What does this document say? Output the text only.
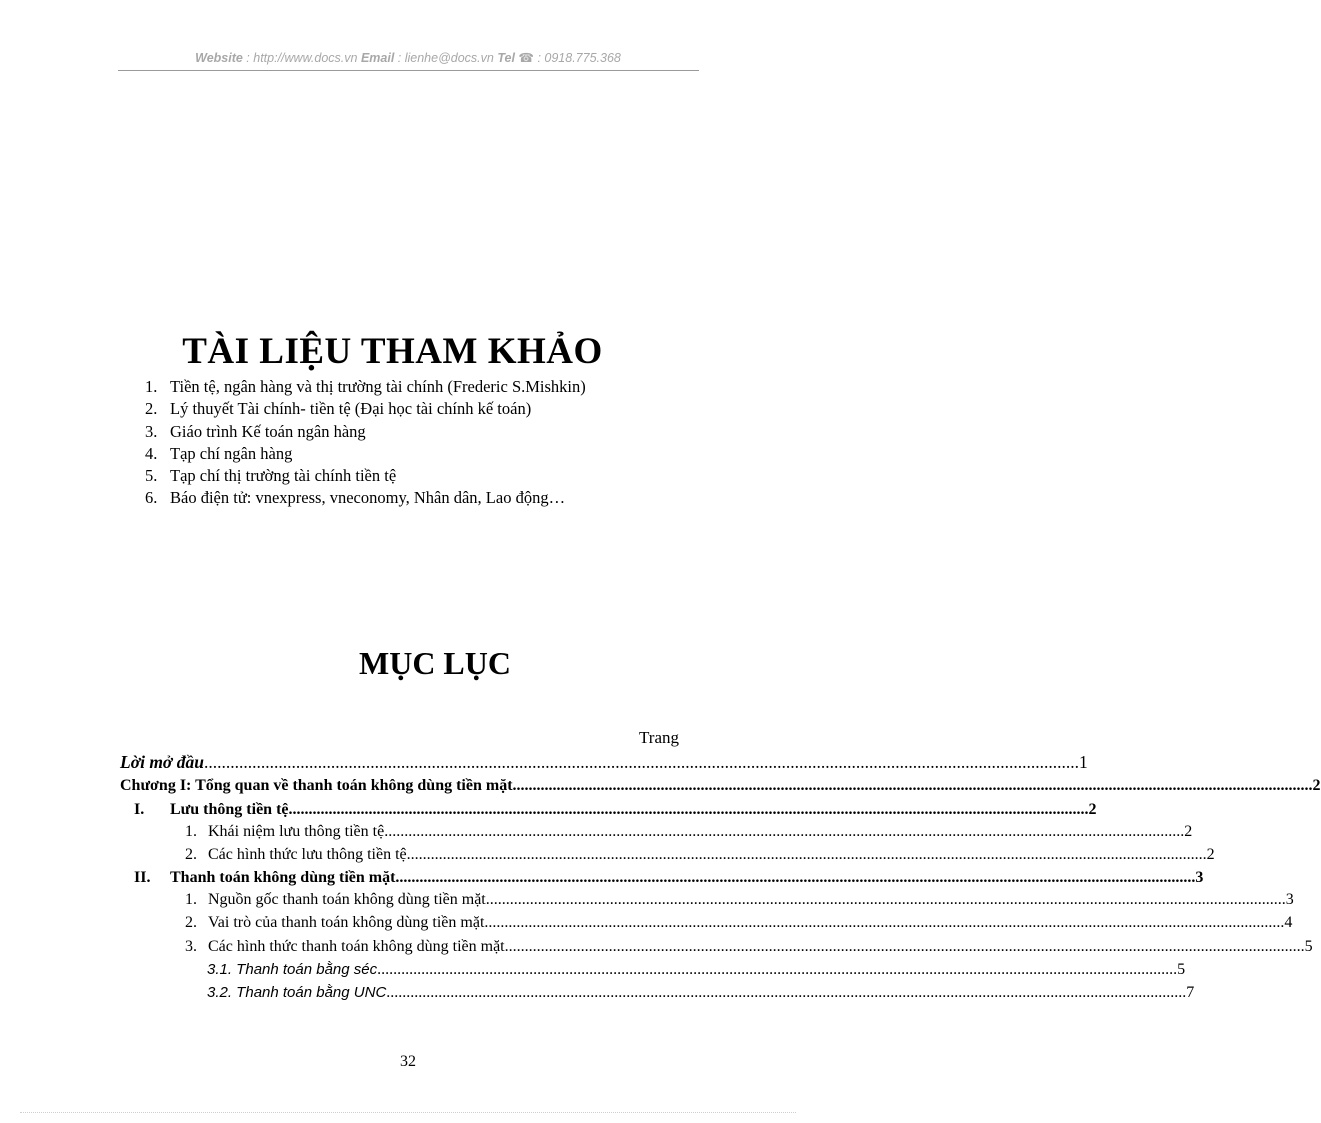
Website : http://www.docs.vn Email : lienhe@docs.vn Tel ☎ : 0918.775.368
TÀI LIỆU THAM KHẢO
1. Tiền tệ, ngân hàng và thị trường tài chính (Frederic S.Mishkin)
2. Lý thuyết Tài chính- tiền tệ (Đại học tài chính kế toán)
3. Giáo trình Kế toán ngân hàng
4. Tạp chí ngân hàng
5. Tạp chí thị trường tài chính tiền tệ
6. Báo điện tử: vnexpress, vneconomy, Nhân dân, Lao động…
MỤC LỤC
Trang
Lời mở đầu ........................................................................................................................................................................................................ 1
Chương I: Tổng quan về thanh toán không dùng tiền mặt ........................................................................................................................................................................................................ 2
I.	Lưu thông tiền tệ ........................................................................................................................................................................................................ 2
1. Khái niệm lưu thông tiền tệ ........................................................................................................................................................................................................ 2
2. Các hình thức lưu thông tiền tệ ........................................................................................................................................................................................................ 2
II.	Thanh toán không dùng tiền mặt ........................................................................................................................................................................................................ 3
1. Nguồn gốc thanh toán không dùng tiền mặt ........................................................................................................................................................................................................ 3
2. Vai trò của thanh toán không dùng tiền mặt ........................................................................................................................................................................................................ 4
3. Các hình thức thanh toán không dùng tiền mặt ........................................................................................................................................................................................................ 5
3.1. Thanh toán bằng séc ........................................................................................................................................................................................................ 5
3.2. Thanh toán bằng UNC ........................................................................................................................................................................................................ 7
32
